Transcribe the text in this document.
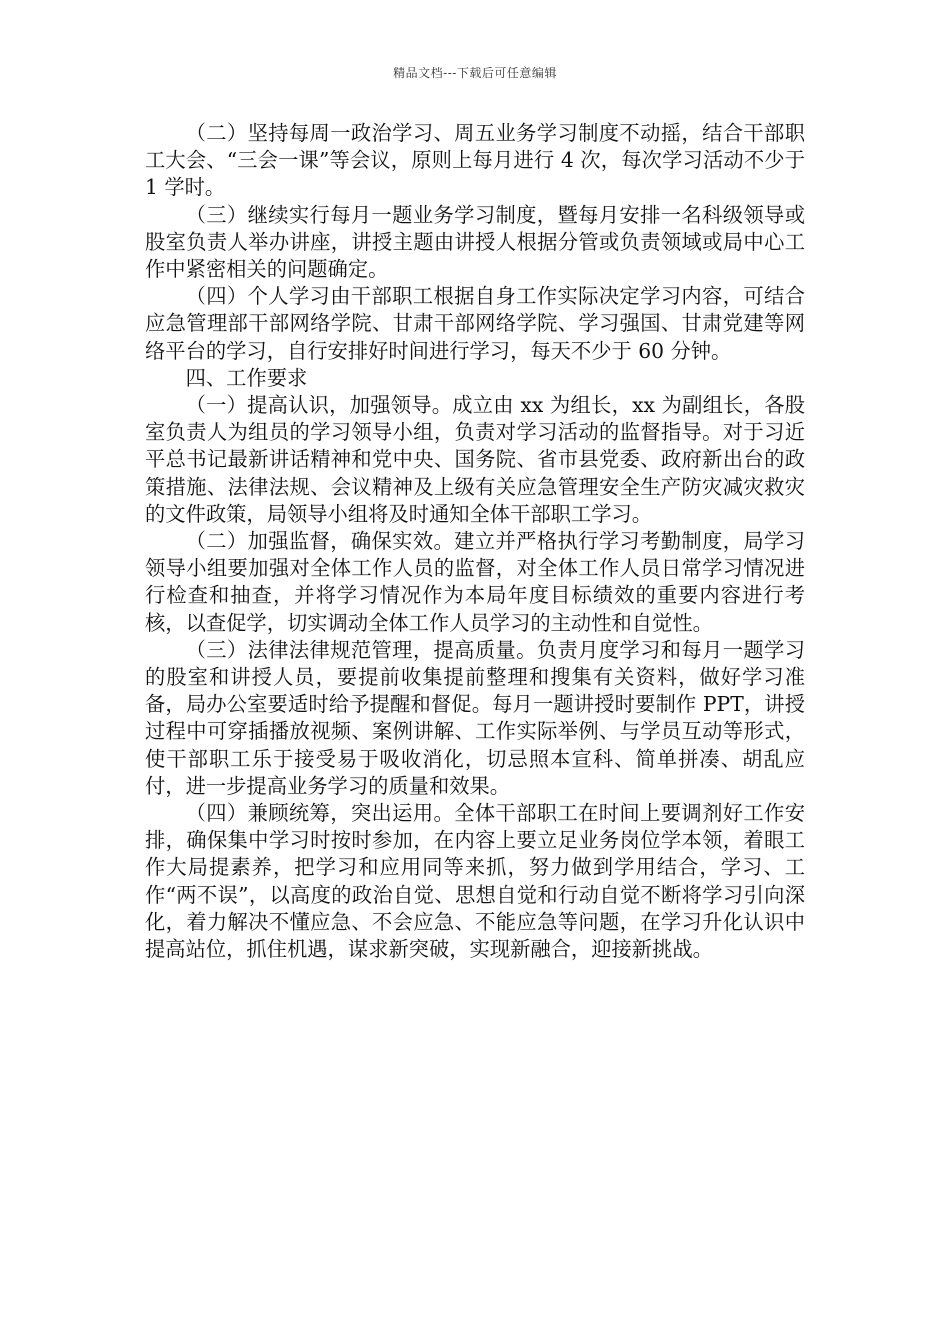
精品文档---下载后可任意编辑

（二）坚持每周一政治学习、周五业务学习制度不动摇，结合干部职工大会、“三会一课”等会议，原则上每月进行 4 次，每次学习活动不少于 1 学时。

（三）继续实行每月一题业务学习制度，暨每月安排一名科级领导或股室负责人举办讲座，讲授主题由讲授人根据分管或负责领域或局中心工作中紧密相关的问题确定。

（四）个人学习由干部职工根据自身工作实际决定学习内容，可结合应急管理部干部网络学院、甘肃干部网络学院、学习强国、甘肃党建等网络平台的学习，自行安排好时间进行学习，每天不少于 60 分钟。

四、工作要求

（一）提高认识，加强领导。成立由 xx 为组长，xx 为副组长，各股室负责人为组员的学习领导小组，负责对学习活动的监督指导。对于习近平总书记最新讲话精神和党中央、国务院、省市县党委、政府新出台的政策措施、法律法规、会议精神及上级有关应急管理安全生产防灾减灾救灾的文件政策，局领导小组将及时通知全体干部职工学习。

（二）加强监督，确保实效。建立并严格执行学习考勤制度，局学习领导小组要加强对全体工作人员的监督，对全体工作人员日常学习情况进行检查和抽查，并将学习情况作为本局年度目标绩效的重要内容进行考核，以查促学，切实调动全体工作人员学习的主动性和自觉性。

（三）法律法律规范管理，提高质量。负责月度学习和每月一题学习的股室和讲授人员，要提前收集提前整理和搜集有关资料，做好学习准备，局办公室要适时给予提醒和督促。每月一题讲授时要制作 PPT，讲授过程中可穿插播放视频、案例讲解、工作实际举例、与学员互动等形式，使干部职工乐于接受易于吸收消化，切忌照本宣科、简单拼凑、胡乱应付，进一步提高业务学习的质量和效果。

（四）兼顾统筹，突出运用。全体干部职工在时间上要调剂好工作安排，确保集中学习时按时参加，在内容上要立足业务岗位学本领，着眼工作大局提素养，把学习和应用同等来抓，努力做到学用结合，学习、工作“两不误”，以高度的政治自觉、思想自觉和行动自觉不断将学习引向深化，着力解决不懂应急、不会应急、不能应急等问题，在学习升化认识中提高站位，抓住机遇，谋求新突破，实现新融合，迎接新挑战。
